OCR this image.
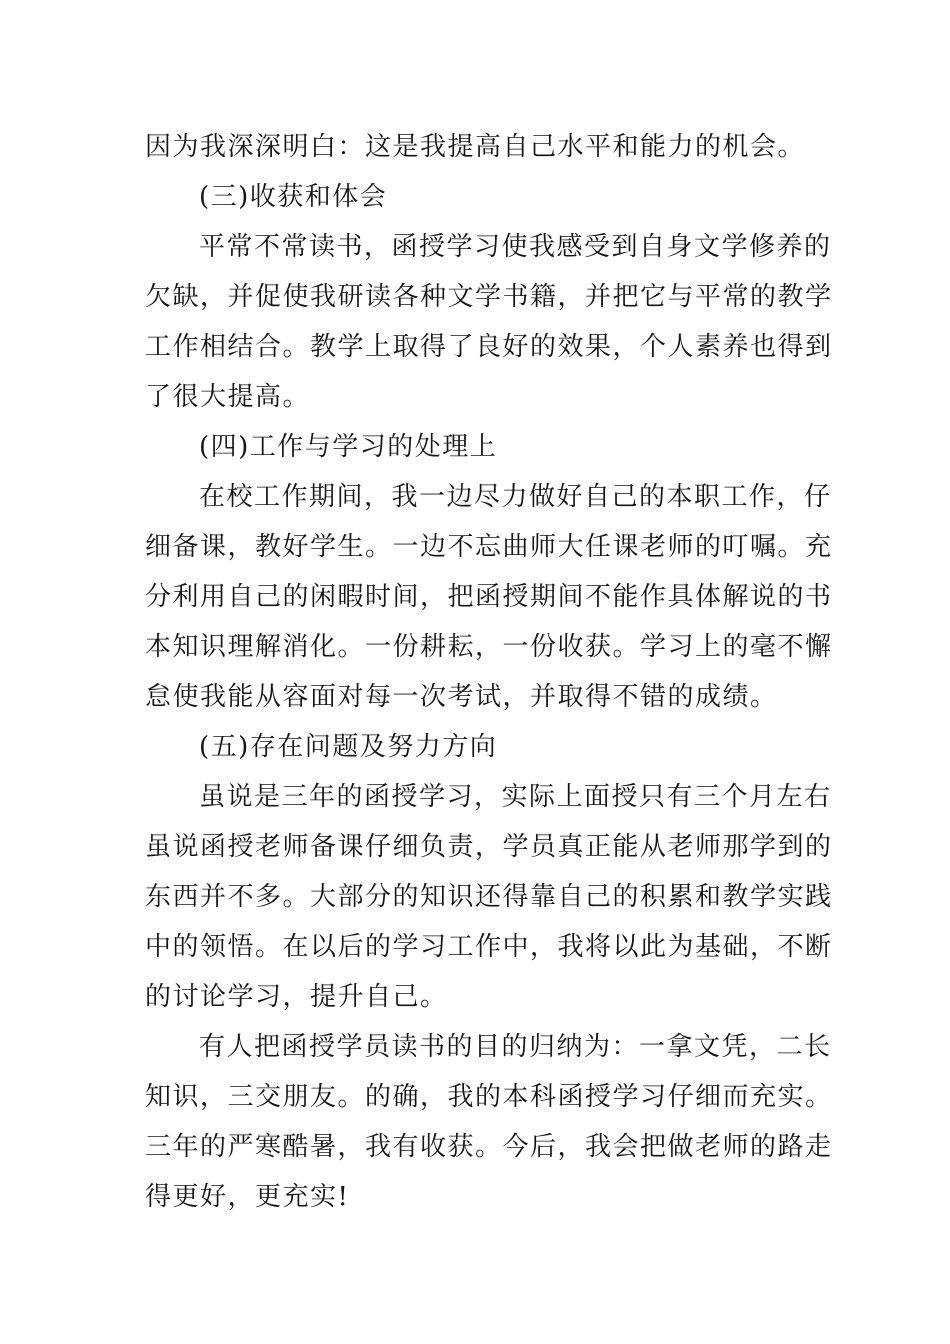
因为我深深明白：这是我提高自己水平和能力的机会。
(三)收获和体会
平常不常读书，函授学习使我感受到自身文学修养的
欠缺，并促使我研读各种文学书籍，并把它与平常的教学
工作相结合。教学上取得了良好的效果，个人素养也得到
了很大提高。
(四)工作与学习的处理上
在校工作期间，我一边尽力做好自己的本职工作，仔
细备课，教好学生。一边不忘曲师大任课老师的叮嘱。充
分利用自己的闲暇时间，把函授期间不能作具体解说的书
本知识理解消化。一份耕耘，一份收获。学习上的毫不懈
怠使我能从容面对每一次考试，并取得不错的成绩。
(五)存在问题及努力方向
虽说是三年的函授学习，实际上面授只有三个月左右
虽说函授老师备课仔细负责，学员真正能从老师那学到的
东西并不多。大部分的知识还得靠自己的积累和教学实践
中的领悟。在以后的学习工作中，我将以此为基础，不断
的讨论学习，提升自己。
有人把函授学员读书的目的归纳为：一拿文凭，二长
知识，三交朋友。的确，我的本科函授学习仔细而充实。
三年的严寒酷暑，我有收获。今后，我会把做老师的路走
得更好，更充实!
